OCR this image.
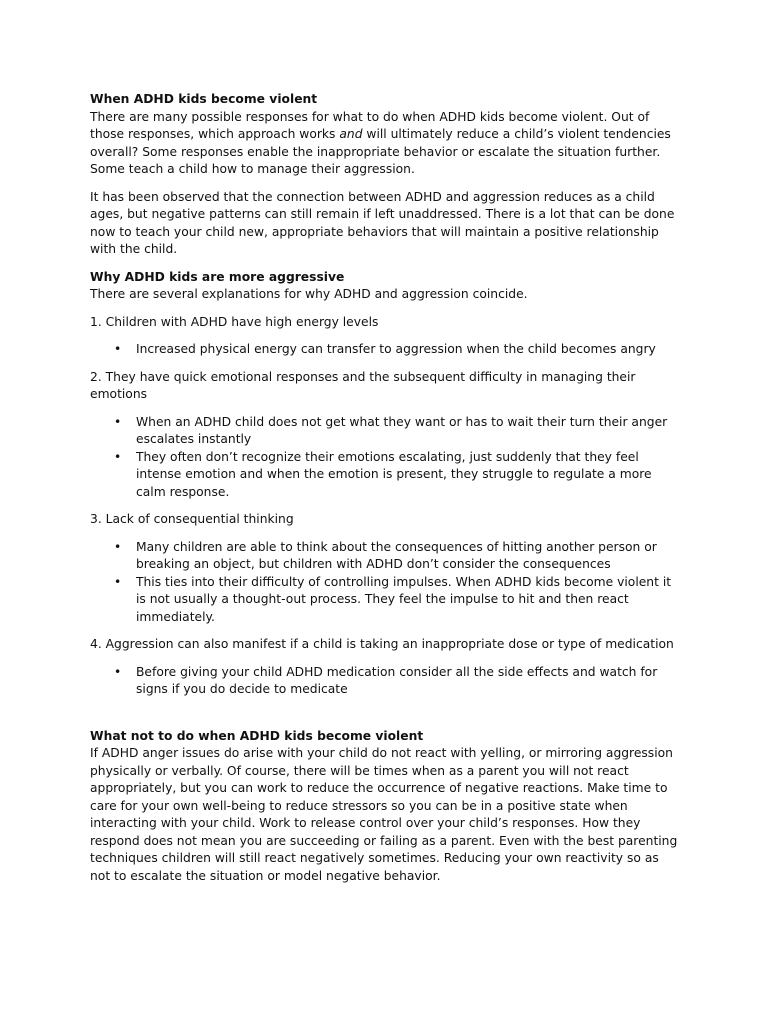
When ADHD kids become violent

There are many possible responses for what to do when ADHD kids become violent. Out of those responses, which approach works and will ultimately reduce a child’s violent tendencies overall? Some responses enable the inappropriate behavior or escalate the situation further. Some teach a child how to manage their aggression.

It has been observed that the connection between ADHD and aggression reduces as a child ages, but negative patterns can still remain if left unaddressed. There is a lot that can be done now to teach your child new, appropriate behaviors that will maintain a positive relationship with the child.

Why ADHD kids are more aggressive

There are several explanations for why ADHD and aggression coincide.

1. Children with ADHD have high energy levels

• Increased physical energy can transfer to aggression when the child becomes angry

2. They have quick emotional responses and the subsequent difficulty in managing their emotions

• When an ADHD child does not get what they want or has to wait their turn their anger escalates instantly
• They often don’t recognize their emotions escalating, just suddenly that they feel intense emotion and when the emotion is present, they struggle to regulate a more calm response.

3. Lack of consequential thinking

• Many children are able to think about the consequences of hitting another person or breaking an object, but children with ADHD don’t consider the consequences
• This ties into their difficulty of controlling impulses. When ADHD kids become violent it is not usually a thought-out process. They feel the impulse to hit and then react immediately.

4. Aggression can also manifest if a child is taking an inappropriate dose or type of medication

• Before giving your child ADHD medication consider all the side effects and watch for signs if you do decide to medicate
What not to do when ADHD kids become violent

If ADHD anger issues do arise with your child do not react with yelling, or mirroring aggression physically or verbally. Of course, there will be times when as a parent you will not react appropriately, but you can work to reduce the occurrence of negative reactions. Make time to care for your own well-being to reduce stressors so you can be in a positive state when interacting with your child. Work to release control over your child’s responses. How they respond does not mean you are succeeding or failing as a parent. Even with the best parenting techniques children will still react negatively sometimes. Reducing your own reactivity so as not to escalate the situation or model negative behavior.
